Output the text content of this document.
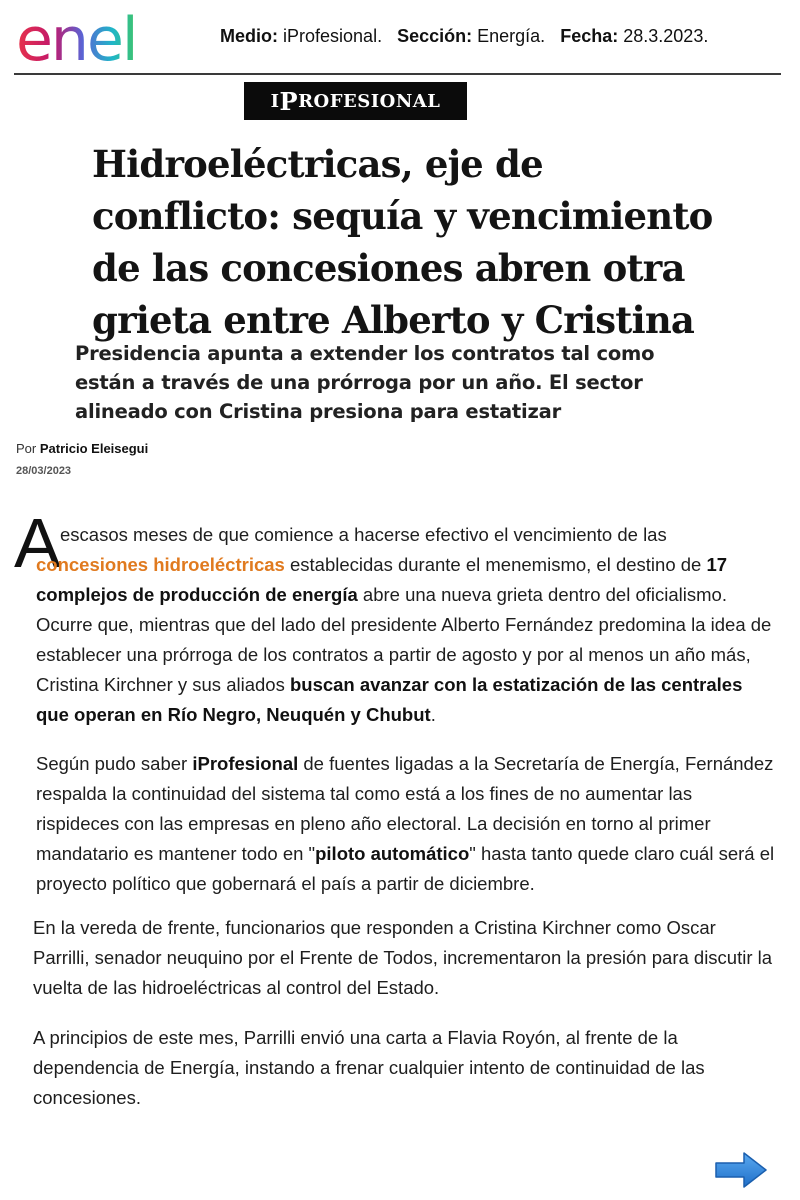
enel	Medio: iProfesional. Sección: Energía. Fecha: 28.3.2023.
I P ROFESIONAL
Hidroeléctricas, eje de conflicto: sequía y vencimiento de las concesiones abren otra grieta entre Alberto y Cristina

Presidencia apunta a extender los contratos tal como están a través de una prórroga por un año. El sector alineado con Cristina presiona para estatizar

Por Patricio Eleisegui
28/03/2023
A escasos meses de que comience a hacerse efectivo el vencimiento de las concesiones hidroeléctricas establecidas durante el menemismo, el destino de 17 complejos de producción de energía abre una nueva grieta dentro del oficialismo. Ocurre que, mientras que del lado del presidente Alberto Fernández predomina la idea de establecer una prórroga de los contratos a partir de agosto y por al menos un año más, Cristina Kirchner y sus aliados buscan avanzar con la estatización de las centrales que operan en Río Negro, Neuquén y Chubut.

Según pudo saber iProfesional de fuentes ligadas a la Secretaría de Energía, Fernández respalda la continuidad del sistema tal como está a los fines de no aumentar las rispideces con las empresas en pleno año electoral. La decisión en torno al primer mandatario es mantener todo en "piloto automático" hasta tanto quede claro cuál será el proyecto político que gobernará el país a partir de diciembre.

En la vereda de frente, funcionarios que responden a Cristina Kirchner como Oscar Parrilli, senador neuquino por el Frente de Todos, incrementaron la presión para discutir la vuelta de las hidroeléctricas al control del Estado.

A principios de este mes, Parrilli envió una carta a Flavia Royón, al frente de la dependencia de Energía, instando a frenar cualquier intento de continuidad de las concesiones.
